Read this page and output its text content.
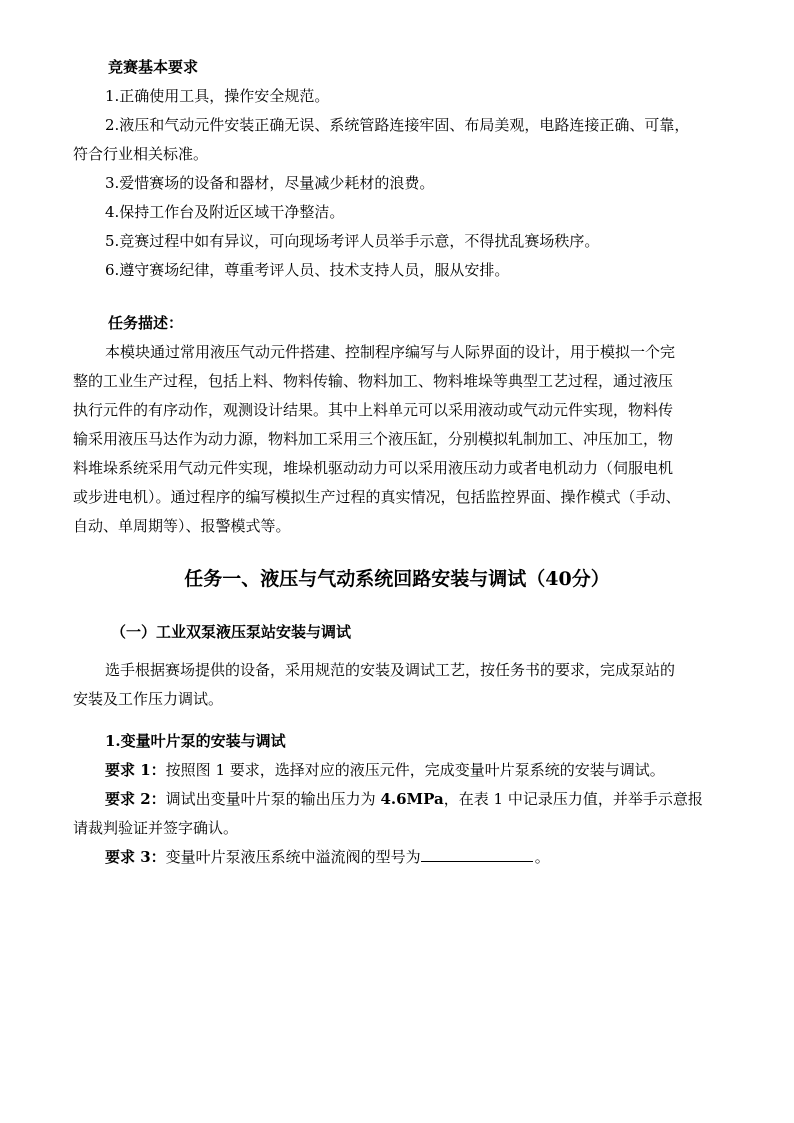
竞赛基本要求
1.正确使用工具，操作安全规范。
2.液压和气动元件安装正确无误、系统管路连接牢固、布局美观，电路连接正确、可靠，
符合行业相关标准。
3.爱惜赛场的设备和器材，尽量减少耗材的浪费。
4.保持工作台及附近区域干净整洁。
5.竞赛过程中如有异议，可向现场考评人员举手示意，不得扰乱赛场秩序。
6.遵守赛场纪律，尊重考评人员、技术支持人员，服从安排。
任务描述：
本模块通过常用液压气动元件搭建、控制程序编写与人际界面的设计，用于模拟一个完
整的工业生产过程，包括上料、物料传输、物料加工、物料堆垛等典型工艺过程，通过液压
执行元件的有序动作，观测设计结果。其中上料单元可以采用液动或气动元件实现，物料传
输采用液压马达作为动力源，物料加工采用三个液压缸，分别模拟轧制加工、冲压加工，物
料堆垛系统采用气动元件实现，堆垛机驱动动力可以采用液压动力或者电机动力（伺服电机
或步进电机）。通过程序的编写模拟生产过程的真实情况，包括监控界面、操作模式（手动、
自动、单周期等）、报警模式等。
任务一、液压与气动系统回路安装与调试（40分）
（一）工业双泵液压泵站安装与调试
选手根据赛场提供的设备，采用规范的安装及调试工艺，按任务书的要求，完成泵站的
安装及工作压力调试。
1.变量叶片泵的安装与调试
要求 1：按照图 1 要求，选择对应的液压元件，完成变量叶片泵系统的安装与调试。
要求 2：调试出变量叶片泵的输出压力为 4.6MPa，在表 1 中记录压力值，并举手示意报
请裁判验证并签字确认。
要求 3：变量叶片泵液压系统中溢流阀的型号为	。
